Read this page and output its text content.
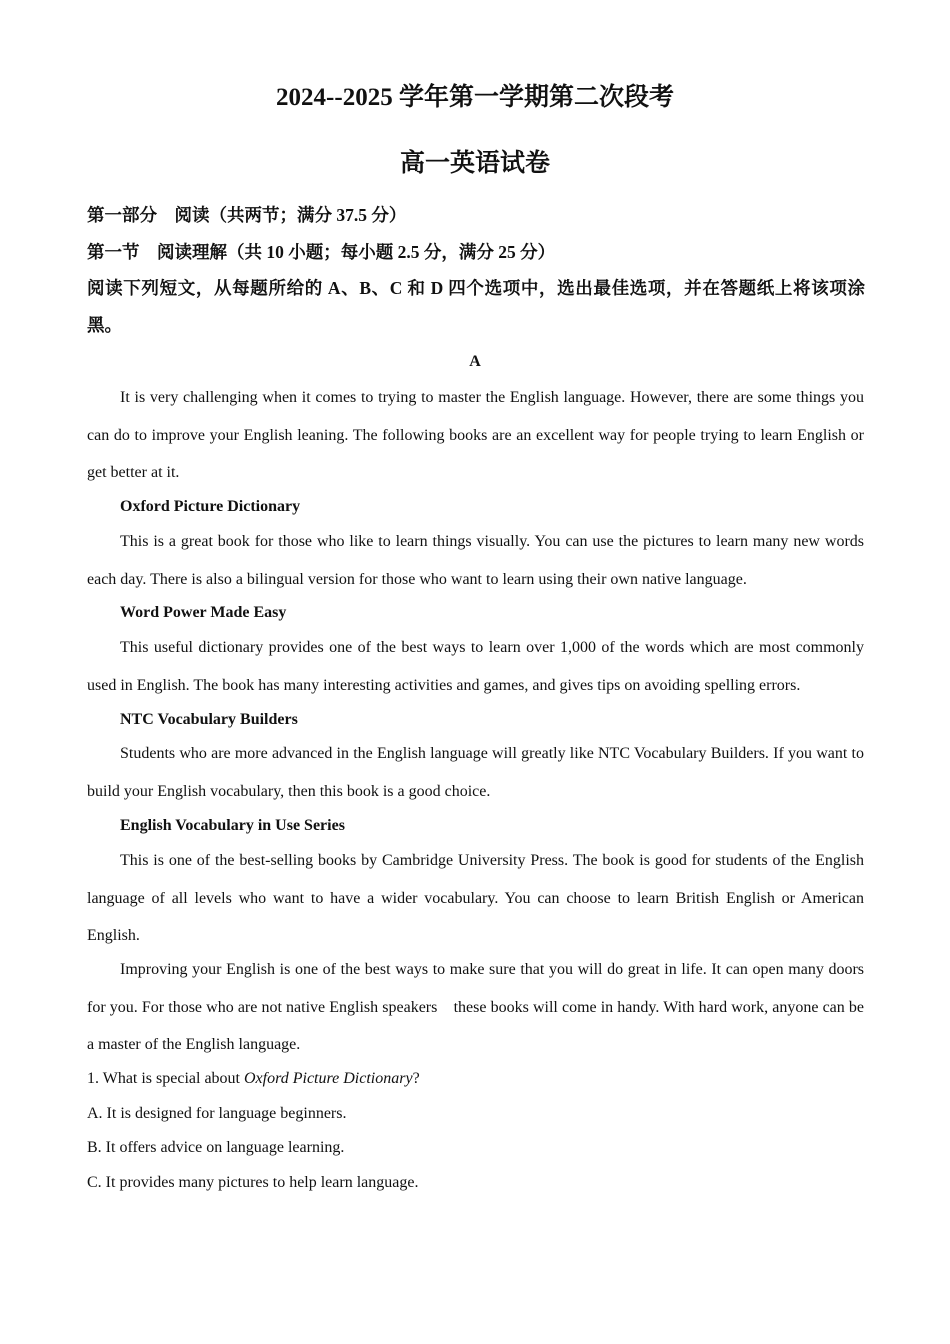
2024--2025 学年第一学期第二次段考
高一英语试卷
第一部分　阅读（共两节；满分 37.5 分）
第一节　阅读理解（共 10 小题；每小题 2.5 分，满分 25 分）
阅读下列短文，从每题所给的 A、B、C 和 D 四个选项中，选出最佳选项，并在答题纸上将该项涂黑。
A
It is very challenging when it comes to trying to master the English language. However, there are some things you can do to improve your English leaning. The following books are an excellent way for people trying to learn English or get better at it.
Oxford Picture Dictionary
This is a great book for those who like to learn things visually. You can use the pictures to learn many new words each day. There is also a bilingual version for those who want to learn using their own native language.
Word Power Made Easy
This useful dictionary provides one of the best ways to learn over 1,000 of the words which are most commonly used in English. The book has many interesting activities and games, and gives tips on avoiding spelling errors.
NTC Vocabulary Builders
Students who are more advanced in the English language will greatly like NTC Vocabulary Builders. If you want to build your English vocabulary, then this book is a good choice.
English Vocabulary in Use Series
This is one of the best-selling books by Cambridge University Press. The book is good for students of the English language of all levels who want to have a wider vocabulary. You can choose to learn British English or American English.
Improving your English is one of the best ways to make sure that you will do great in life. It can open many doors for you. For those who are not native English speakers　these books will come in handy. With hard work, anyone can be a master of the English language.
1. What is special about Oxford Picture Dictionary?
A. It is designed for language beginners.
B. It offers advice on language learning.
C. It provides many pictures to help learn language.
